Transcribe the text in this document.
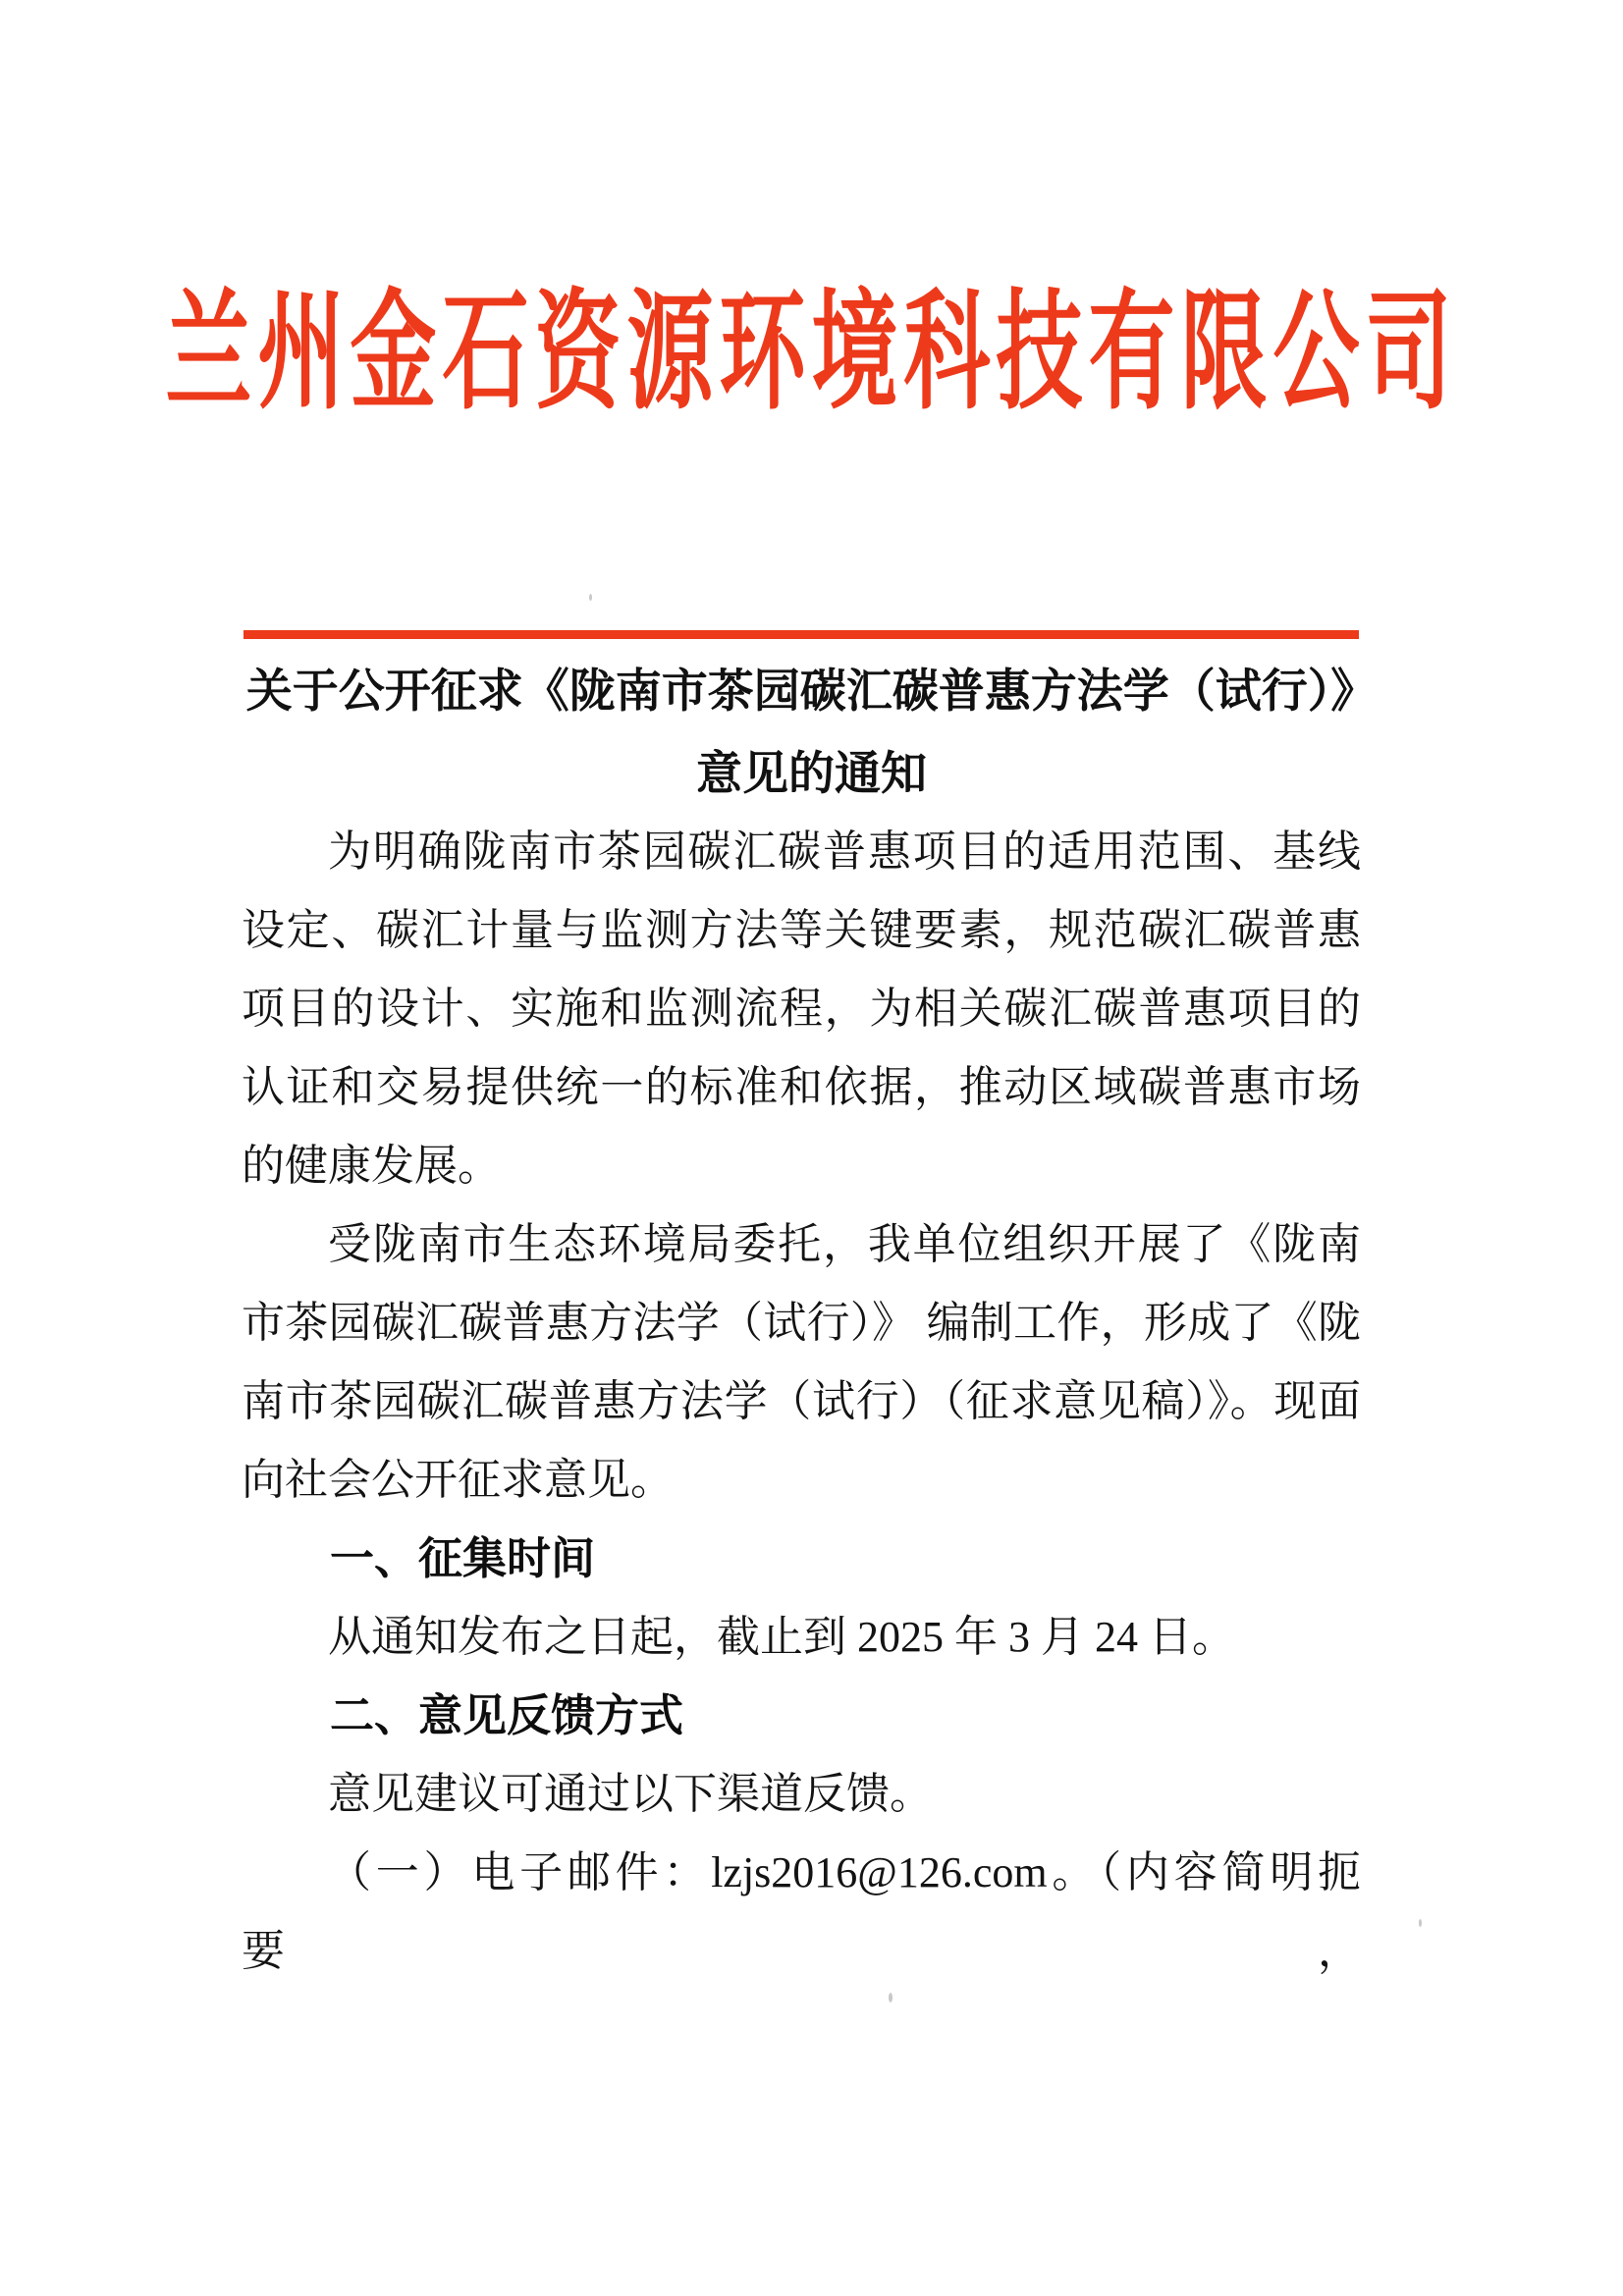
兰州金石资源环境科技有限公司
关于公开征求《陇南市茶园碳汇碳普惠方法学（试行）》
意见的通知

为明确陇南市茶园碳汇碳普惠项目的适用范围、基线设定、碳汇计量与监测方法等关键要素，规范碳汇碳普惠项目的设计、实施和监测流程，为相关碳汇碳普惠项目的认证和交易提供统一的标准和依据，推动区域碳普惠市场的健康发展。

受陇南市生态环境局委托，我单位组织开展了《陇南市茶园碳汇碳普惠方法学（试行）》 编制工作，形成了《陇南市茶园碳汇碳普惠方法学（试行）（征求意见稿）》。现面向社会公开征求意见。

一、征集时间

从通知发布之日起，截止到 2025 年 3 月 24 日。

二、意见反馈方式

意见建议可通过以下渠道反馈。

（一）电子邮件：lzjs2016@126.com。（内容简明扼要，
